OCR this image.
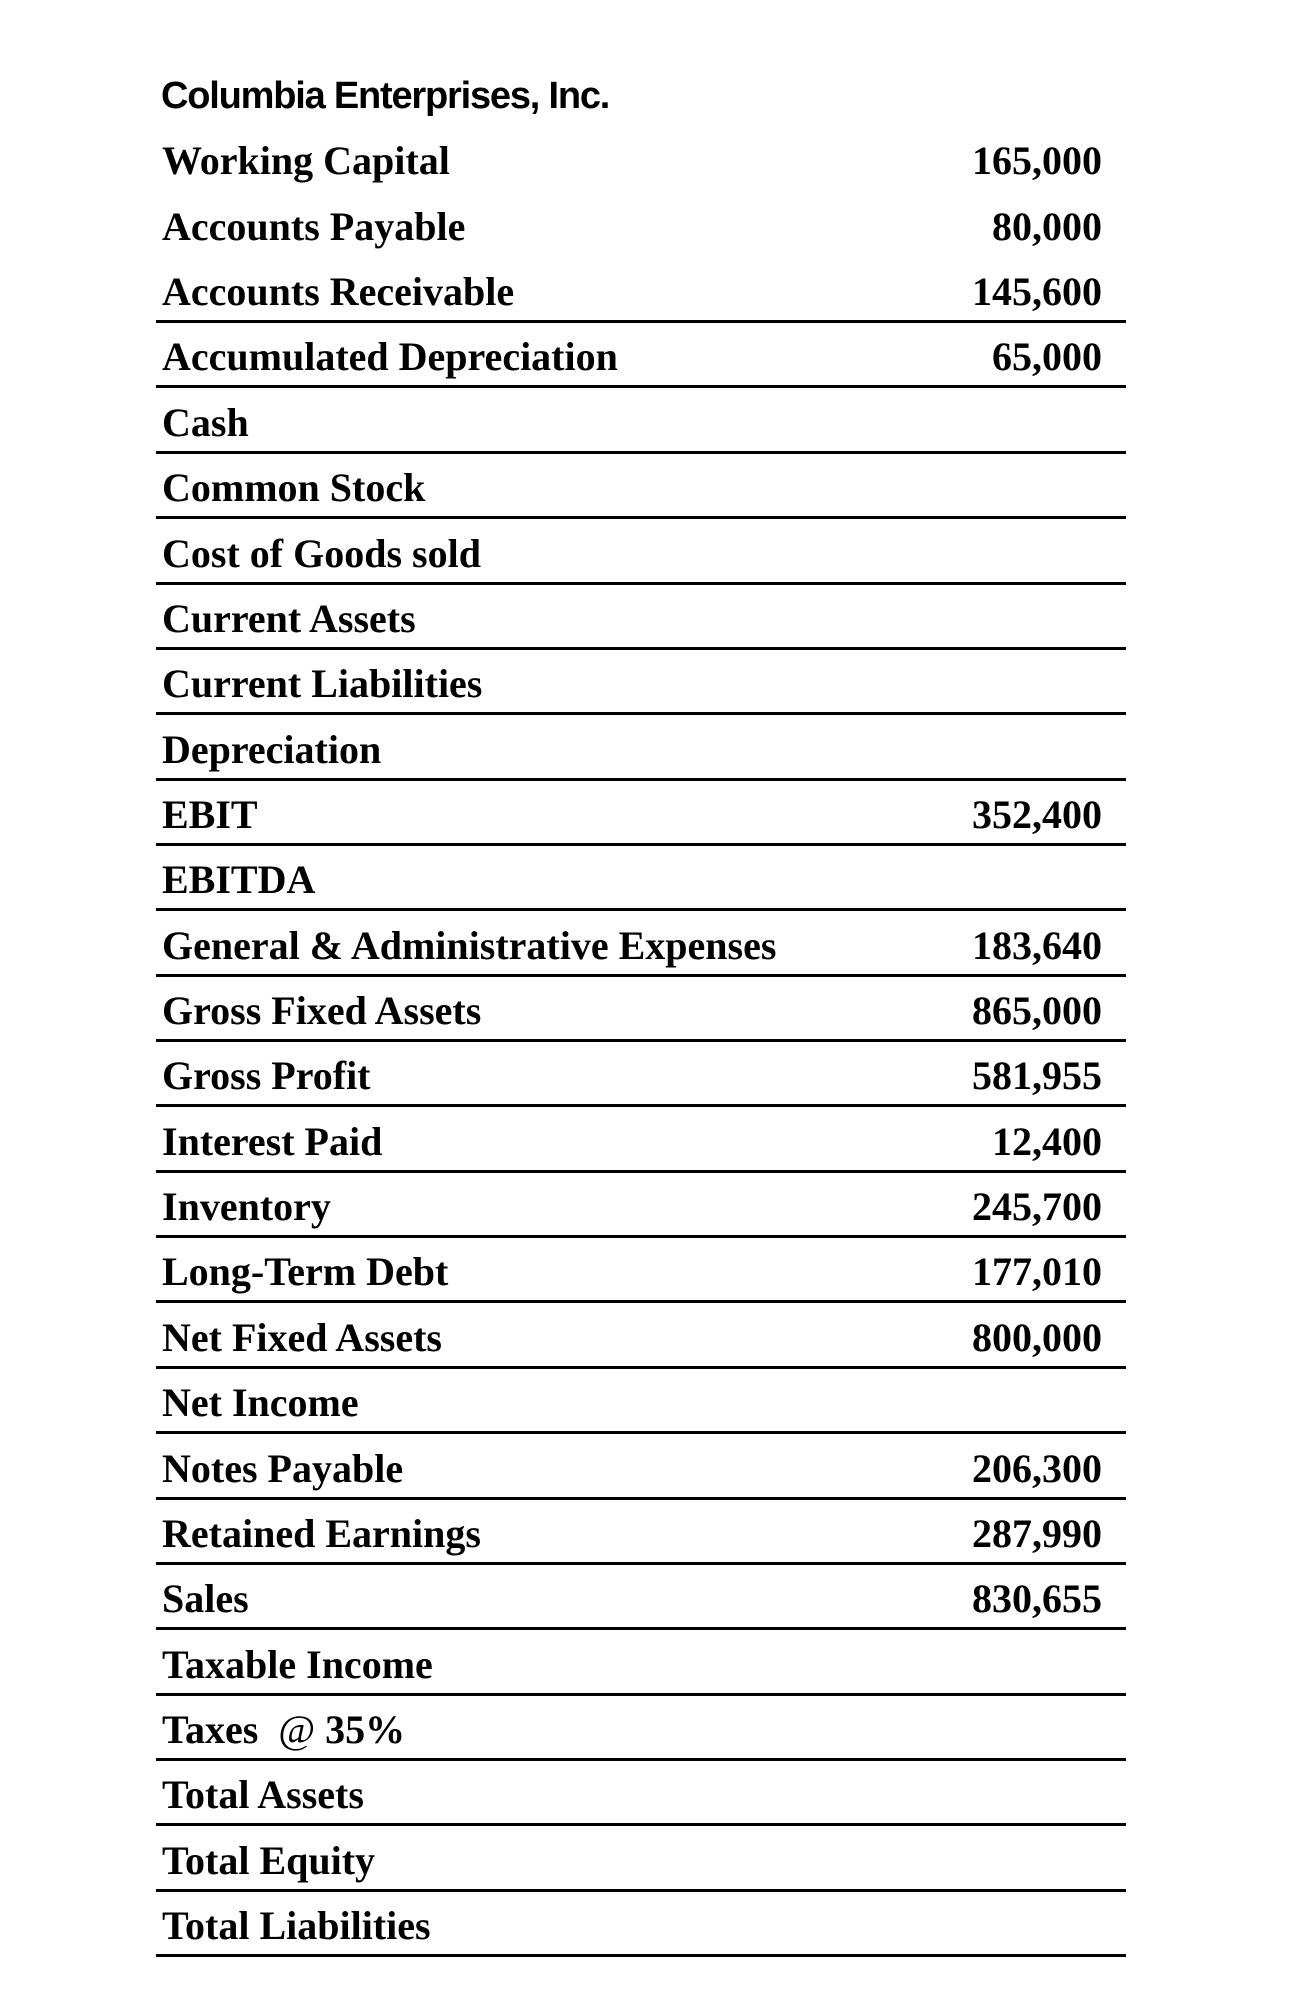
Columbia Enterprises, Inc.
Working Capital	165,000
Accounts Payable	80,000
Accounts Receivable	145,600
Accumulated Depreciation	65,000
Cash
Common Stock
Cost of Goods sold
Current Assets
Current Liabilities
Depreciation
EBIT	352,400
EBITDA
General & Administrative Expenses	183,640
Gross Fixed Assets	865,000
Gross Profit	581,955
Interest Paid	12,400
Inventory	245,700
Long-Term Debt	177,010
Net Fixed Assets	800,000
Net Income
Notes Payable	206,300
Retained Earnings	287,990
Sales	830,655
Taxable Income
Taxes  @ 35%
Total Assets
Total Equity
Total Liabilities
